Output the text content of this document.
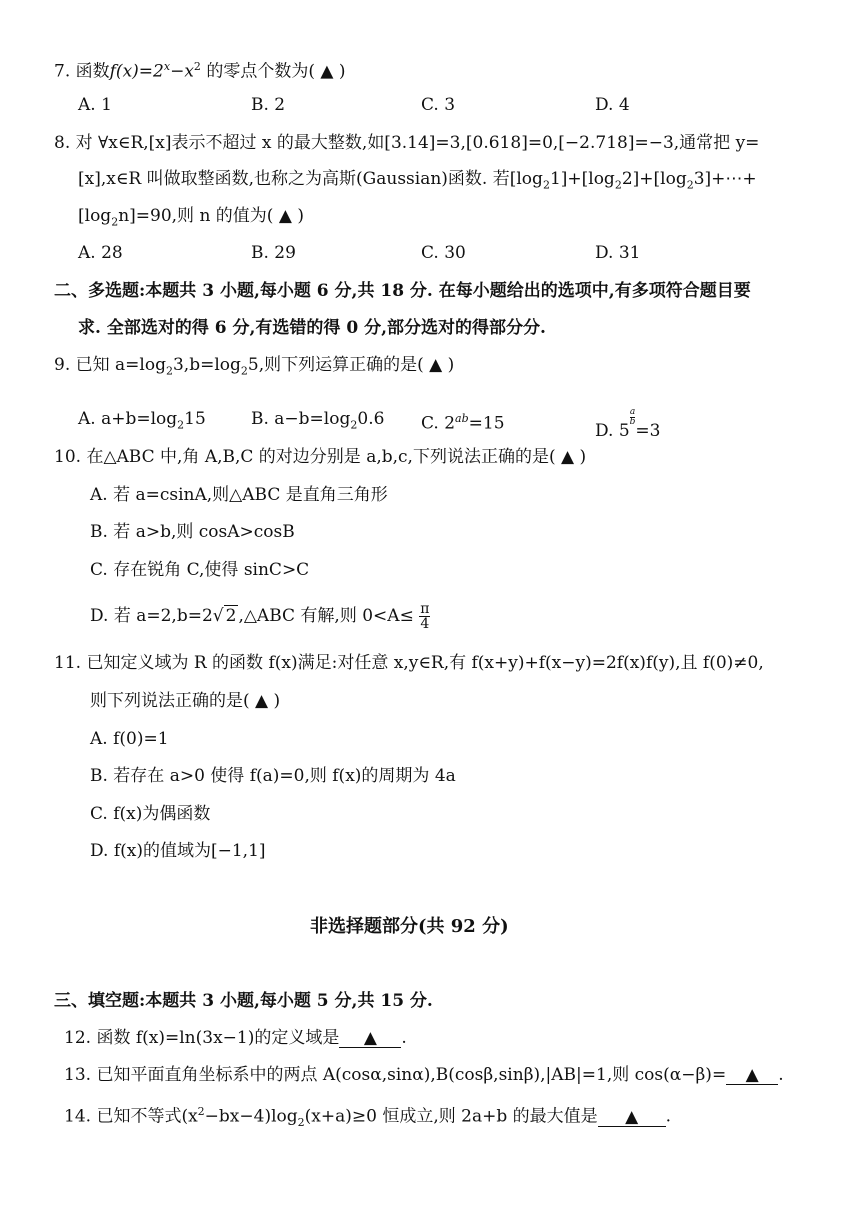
7. 函数$f(x)=2^x-x^2$ 的零点个数为( ▲ )
A. 1	B. 2	C. 3	D. 4
8. 对 ∀x∈R,[x]表示不超过 x 的最大整数,如[3.14]=3,[0.618]=0,[−2.718]=−3,通常把 y=
[x],x∈R 叫做取整函数,也称之为高斯(Gaussian)函数. 若$[\log_21]+[\log_22]+[\log_23]+\cdots+$
$[\log_2n]=90$,则 n 的值为( ▲ )
A. 28	B. 29	C. 30	D. 31
二、多选题:本题共 3 小题,每小题 6 分,共 18 分. 在每小题给出的选项中,有多项符合题目要
求. 全部选对的得 6 分,有选错的得 0 分,部分选对的得部分分.
9. 已知 $a=\log_23,b=\log_25$,则下列运算正确的是( ▲ )
A. $a+b=\log_215$	B. $a-b=\log_20.6$ C. $2^{ab}=15$	D. 5
$\frac{a}{b}$
=3
10. 在△ABC 中,角 A,B,C 的对边分别是 a,b,c,下列说法正确的是( ▲ )
A. 若 a=csinA,则△ABC 是直角三角形
B. 若 a>b,则 cosA>cosB
C. 存在锐角 C,使得 sinC>C
D. 若 a=2,b=2√ 2 ,△ABC 有解,则 $0<A\le \frac{\pi}{4}$
11. 已知定义域为 R 的函数 f(x)满足:对任意 x,y∈R,有 f(x+y)+f(x−y)=2f(x)f(y),且 f(0)≠0,
则下列说法正确的是( ▲ )
A. f(0)=1
B. 若存在 a>0 使得 f(a)=0,则 f(x)的周期为 4a
C. f(x)为偶函数
D. f(x)的值域为[−1,1]
非选择题部分(共 92 分)
三、填空题:本题共 3 小题,每小题 5 分,共 15 分.
12. 函数 f(x)=ln(3x−1)的定义域是 ▲ .
13. 已知平面直角坐标系中的两点 A(cosα,sinα),B(cosβ,sinβ),|AB|=1,则 cos(α−β)= ▲ .
14. 已知不等式$(x^2-bx-4)\log_2(x+a)\ge 0$ 恒成立,则 2a+b 的最大值是 ▲ .
